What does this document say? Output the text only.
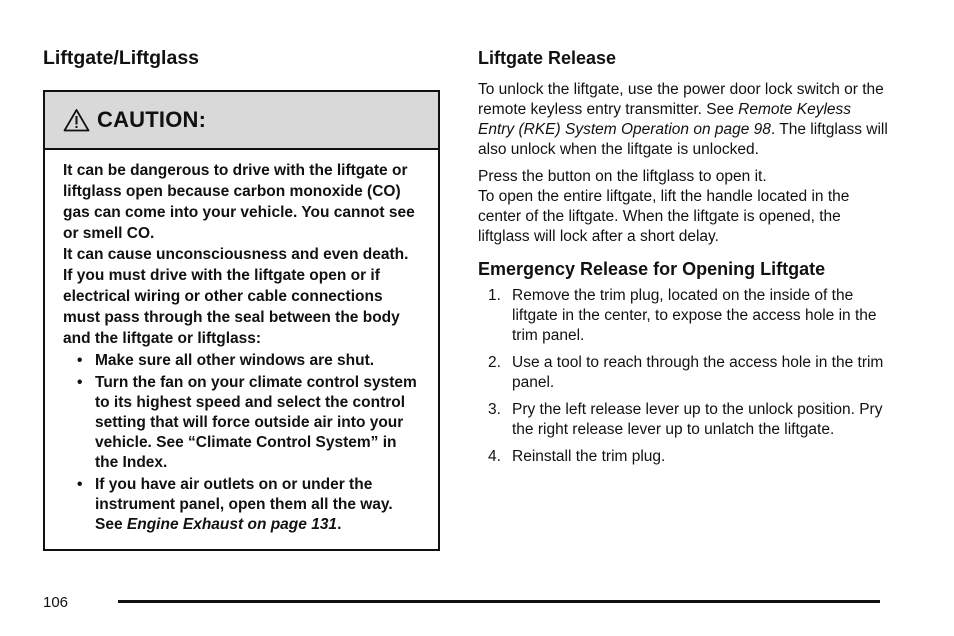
Liftgate/Liftglass
CAUTION:

It can be dangerous to drive with the liftgate or liftglass open because carbon monoxide (CO) gas can come into your vehicle. You cannot see or smell CO.

It can cause unconsciousness and even death. If you must drive with the liftgate open or if electrical wiring or other cable connections must pass through the seal between the body and the liftgate or liftglass:

• Make sure all other windows are shut.
• Turn the fan on your climate control system to its highest speed and select the control setting that will force outside air into your vehicle. See “Climate Control System” in the Index.
• If you have air outlets on or under the instrument panel, open them all the way. See Engine Exhaust on page 131.
Liftgate Release

To unlock the liftgate, use the power door lock switch or the remote keyless entry transmitter. See Remote Keyless Entry (RKE) System Operation on page 98. The liftglass will also unlock when the liftgate is unlocked.

Press the button on the liftglass to open it.
To open the entire liftgate, lift the handle located in the center of the liftgate. When the liftgate is opened, the liftglass will lock after a short delay.

Emergency Release for Opening Liftgate
1. Remove the trim plug, located on the inside of the liftgate in the center, to expose the access hole in the trim panel.
2. Use a tool to reach through the access hole in the trim panel.
3. Pry the left release lever up to the unlock position. Pry the right release lever up to unlatch the liftgate.
4. Reinstall the trim plug.
106
